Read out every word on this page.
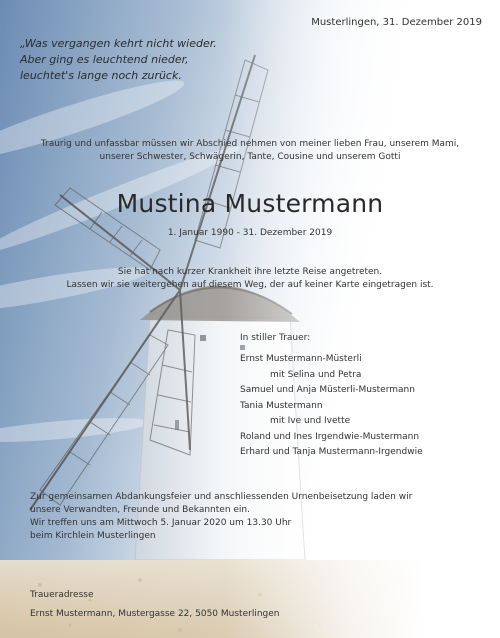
Musterlingen, 31. Dezember 2019
„Was vergangen kehrt nicht wieder.
Aber ging es leuchtend nieder,
leuchtet's lange noch zurück.
Traurig und unfassbar müssen wir Abschied nehmen von meiner lieben Frau, unserem Mami,
unserer Schwester, Schwägerin, Tante, Cousine und unserem Gotti
Mustina Mustermann
1. Januar 1990 - 31. Dezember 2019
Sie hat nach kurzer Krankheit ihre letzte Reise angetreten.
Lassen wir sie weitergehen auf diesem Weg, der auf keiner Karte eingetragen ist.
In stiller Trauer:
Ernst Mustermann-Müsterli
mit Selina und Petra
Samuel und Anja Müsterli-Mustermann
Tania Mustermann
mit Ive und Ivette
Roland und Ines Irgendwie-Mustermann
Erhard und Tanja Mustermann-Irgendwie
Zur gemeinsamen Abdankungsfeier und anschliessenden Urnenbeisetzung laden wir
unsere Verwandten, Freunde und Bekannten ein.
Wir treffen uns am Mittwoch 5. Januar 2020 um 13.30 Uhr
beim Kirchlein Musterlingen
Traueradresse
Ernst Mustermann, Mustergasse 22, 5050 Musterlingen
